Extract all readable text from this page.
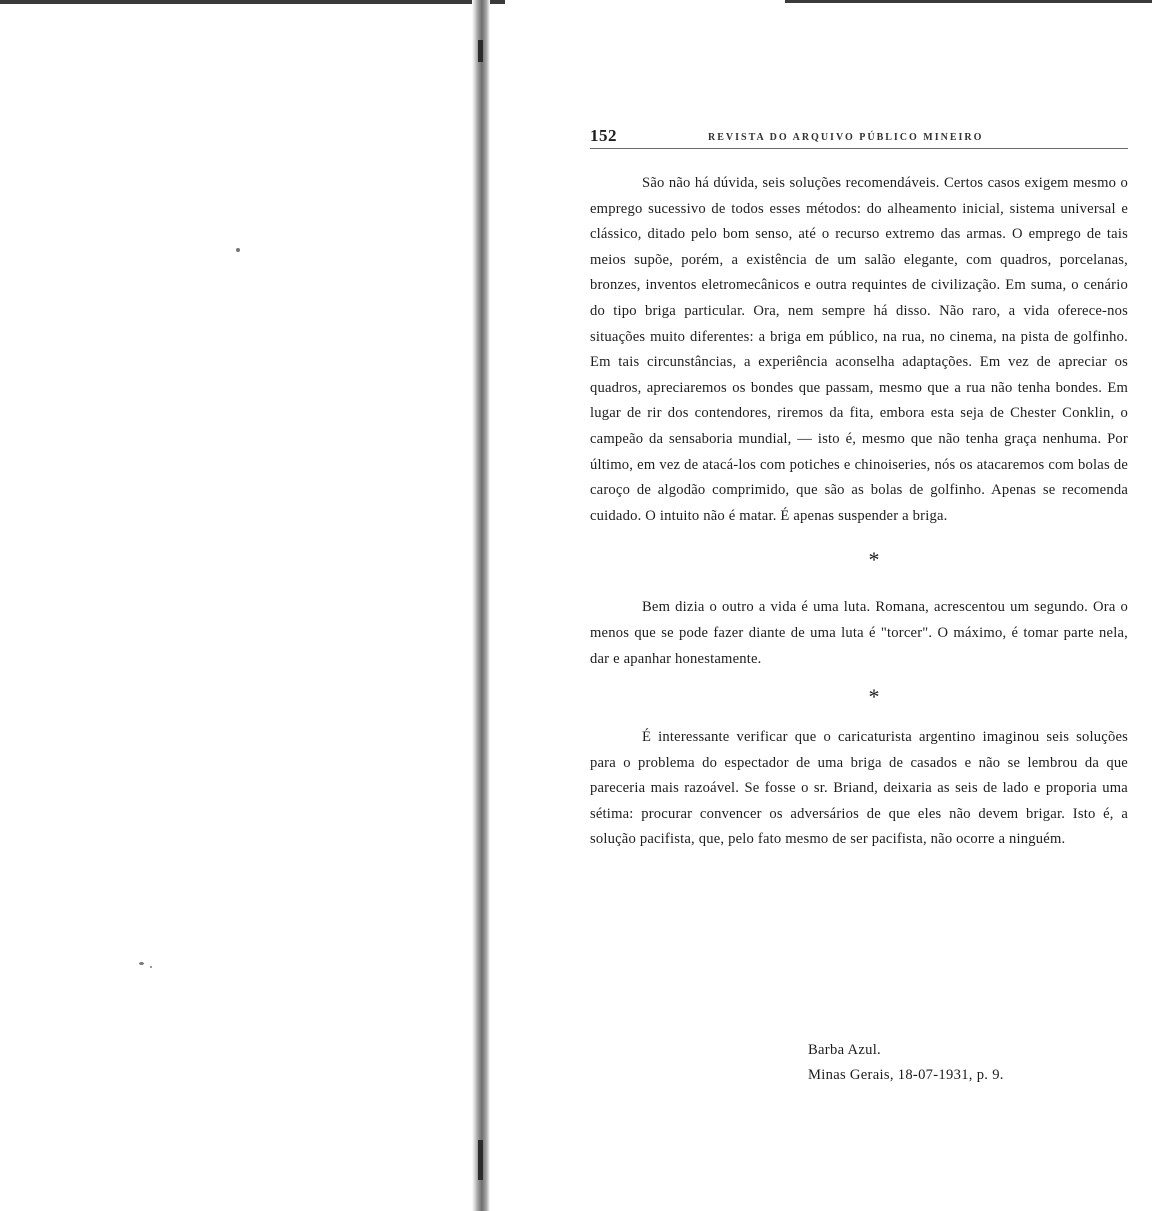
152	REVISTA DO ARQUIVO PÚBLICO MINEIRO

São não há dúvida, seis soluções recomendáveis. Certos casos exigem mesmo o emprego sucessivo de todos esses métodos: do alheamento inicial, sistema universal e clássico, ditado pelo bom senso, até o recurso extremo das armas. O emprego de tais meios supõe, porém, a existência de um salão elegante, com quadros, porcelanas, bronzes, inventos eletromecânicos e outra requintes de civilização. Em suma, o cenário do tipo briga particular. Ora, nem sempre há disso. Não raro, a vida oferece-nos situações muito diferentes: a briga em público, na rua, no cinema, na pista de golfinho. Em tais circunstâncias, a experiência aconselha adaptações. Em vez de apreciar os quadros, apreciaremos os bondes que passam, mesmo que a rua não tenha bondes. Em lugar de rir dos contendores, riremos da fita, embora esta seja de Chester Conklin, o campeão da sensaboria mundial, — isto é, mesmo que não tenha graça nenhuma. Por último, em vez de atacá-los com potiches e chinoiseries, nós os atacaremos com bolas de caroço de algodão comprimido, que são as bolas de golfinho. Apenas se recomenda cuidado. O intuito não é matar. É apenas suspender a briga.

*

Bem dizia o outro a vida é uma luta. Romana, acrescentou um segundo. Ora o menos que se pode fazer diante de uma luta é "torcer". O máximo, é tomar parte nela, dar e apanhar honestamente.

*

É interessante verificar que o caricaturista argentino imaginou seis soluções para o problema do espectador de uma briga de casados e não se lembrou da que pareceria mais razoável. Se fosse o sr. Briand, deixaria as seis de lado e proporia uma sétima: procurar convencer os adversários de que eles não devem brigar. Isto é, a solução pacifista, que, pelo fato mesmo de ser pacifista, não ocorre a ninguém.

Barba Azul.
Minas Gerais, 18-07-1931, p. 9.
